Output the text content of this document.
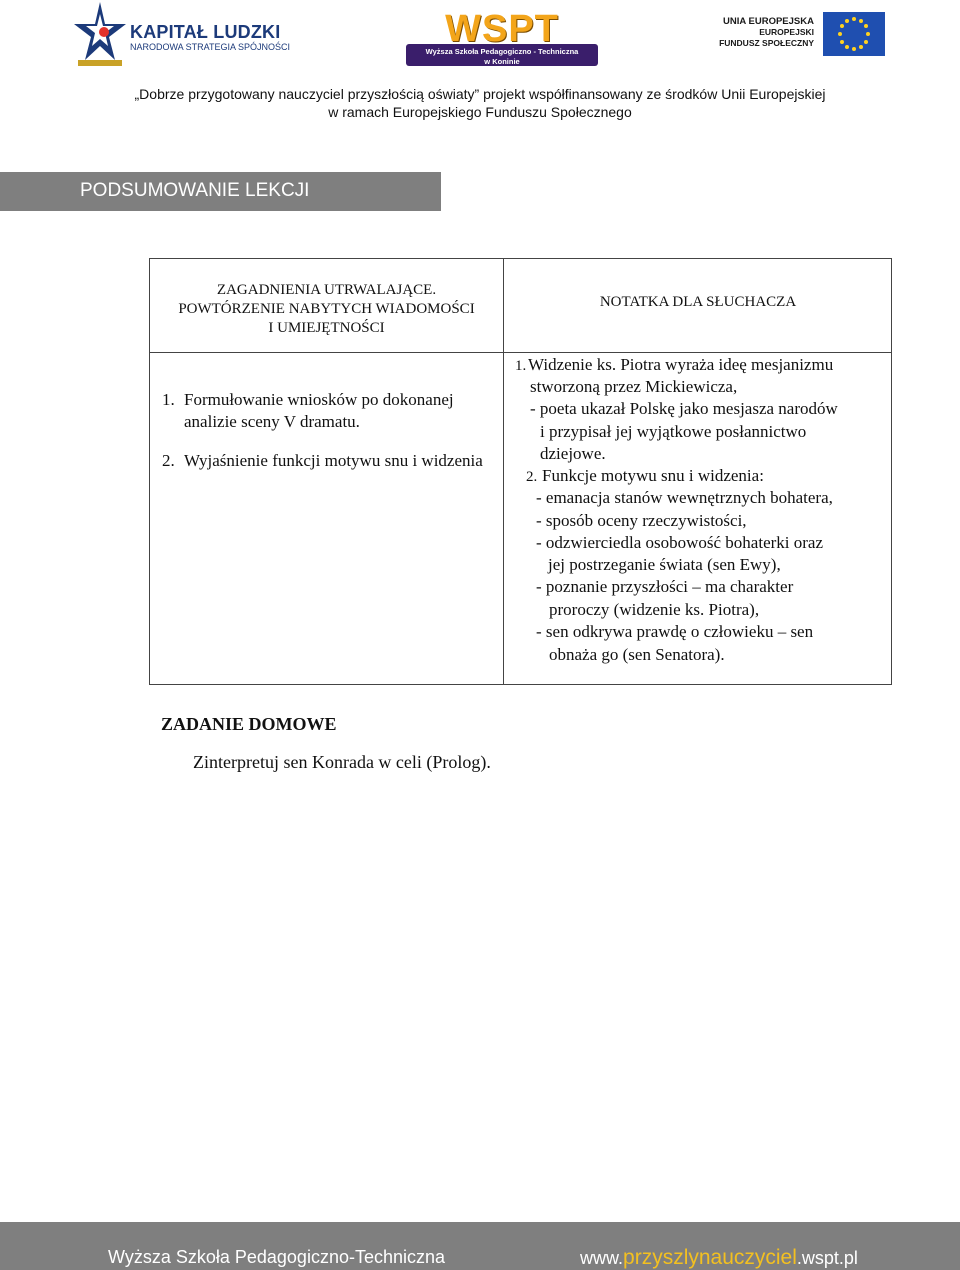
KAPITAŁ LUDZKI
NARODOWA STRATEGIA SPÓJNOŚCI	WSPT
Wyższa Szkoła Pedagogiczno - Techniczna
w Koninie
UNIA EUROPEJSKA
EUROPEJSKI
FUNDUSZ SPOŁECZNY
„Dobrze przygotowany nauczyciel przyszłością oświaty” projekt współfinansowany ze środków Unii Europejskiej
w ramach Europejskiego Funduszu Społecznego
PODSUMOWANIE LEKCJI
ZAGADNIENIA UTRWALAJĄCE.
POWTÓRZENIE NABYTYCH WIADOMOŚCI
I UMIEJĘTNOŚCI
NOTATKA DLA SŁUCHACZA
1. Formułowanie wniosków po dokonanej analizie sceny V dramatu.
2. Wyjaśnienie funkcji motywu snu i widzenia
1. Widzenie ks. Piotra wyraża ideę mesjanizmu
stworzoną przez Mickiewicza,
- poeta ukazał Polskę jako mesjasza narodów
i przypisał jej wyjątkowe posłannictwo
dziejowe.
2. Funkcje motywu snu i widzenia:
- emanacja stanów wewnętrznych bohatera,
- sposób oceny rzeczywistości,
- odzwierciedla osobowość bohaterki oraz
jej postrzeganie świata (sen Ewy),
- poznanie przyszłości – ma charakter
proroczy (widzenie ks. Piotra),
- sen odkrywa prawdę o człowieku – sen
obnaża go (sen Senatora).
ZADANIE DOMOWE
Zinterpretuj sen Konrada w celi (Prolog).
Wyższa Szkoła Pedagogiczno-Techniczna	www.przyszlynauczyciel.wspt.pl
